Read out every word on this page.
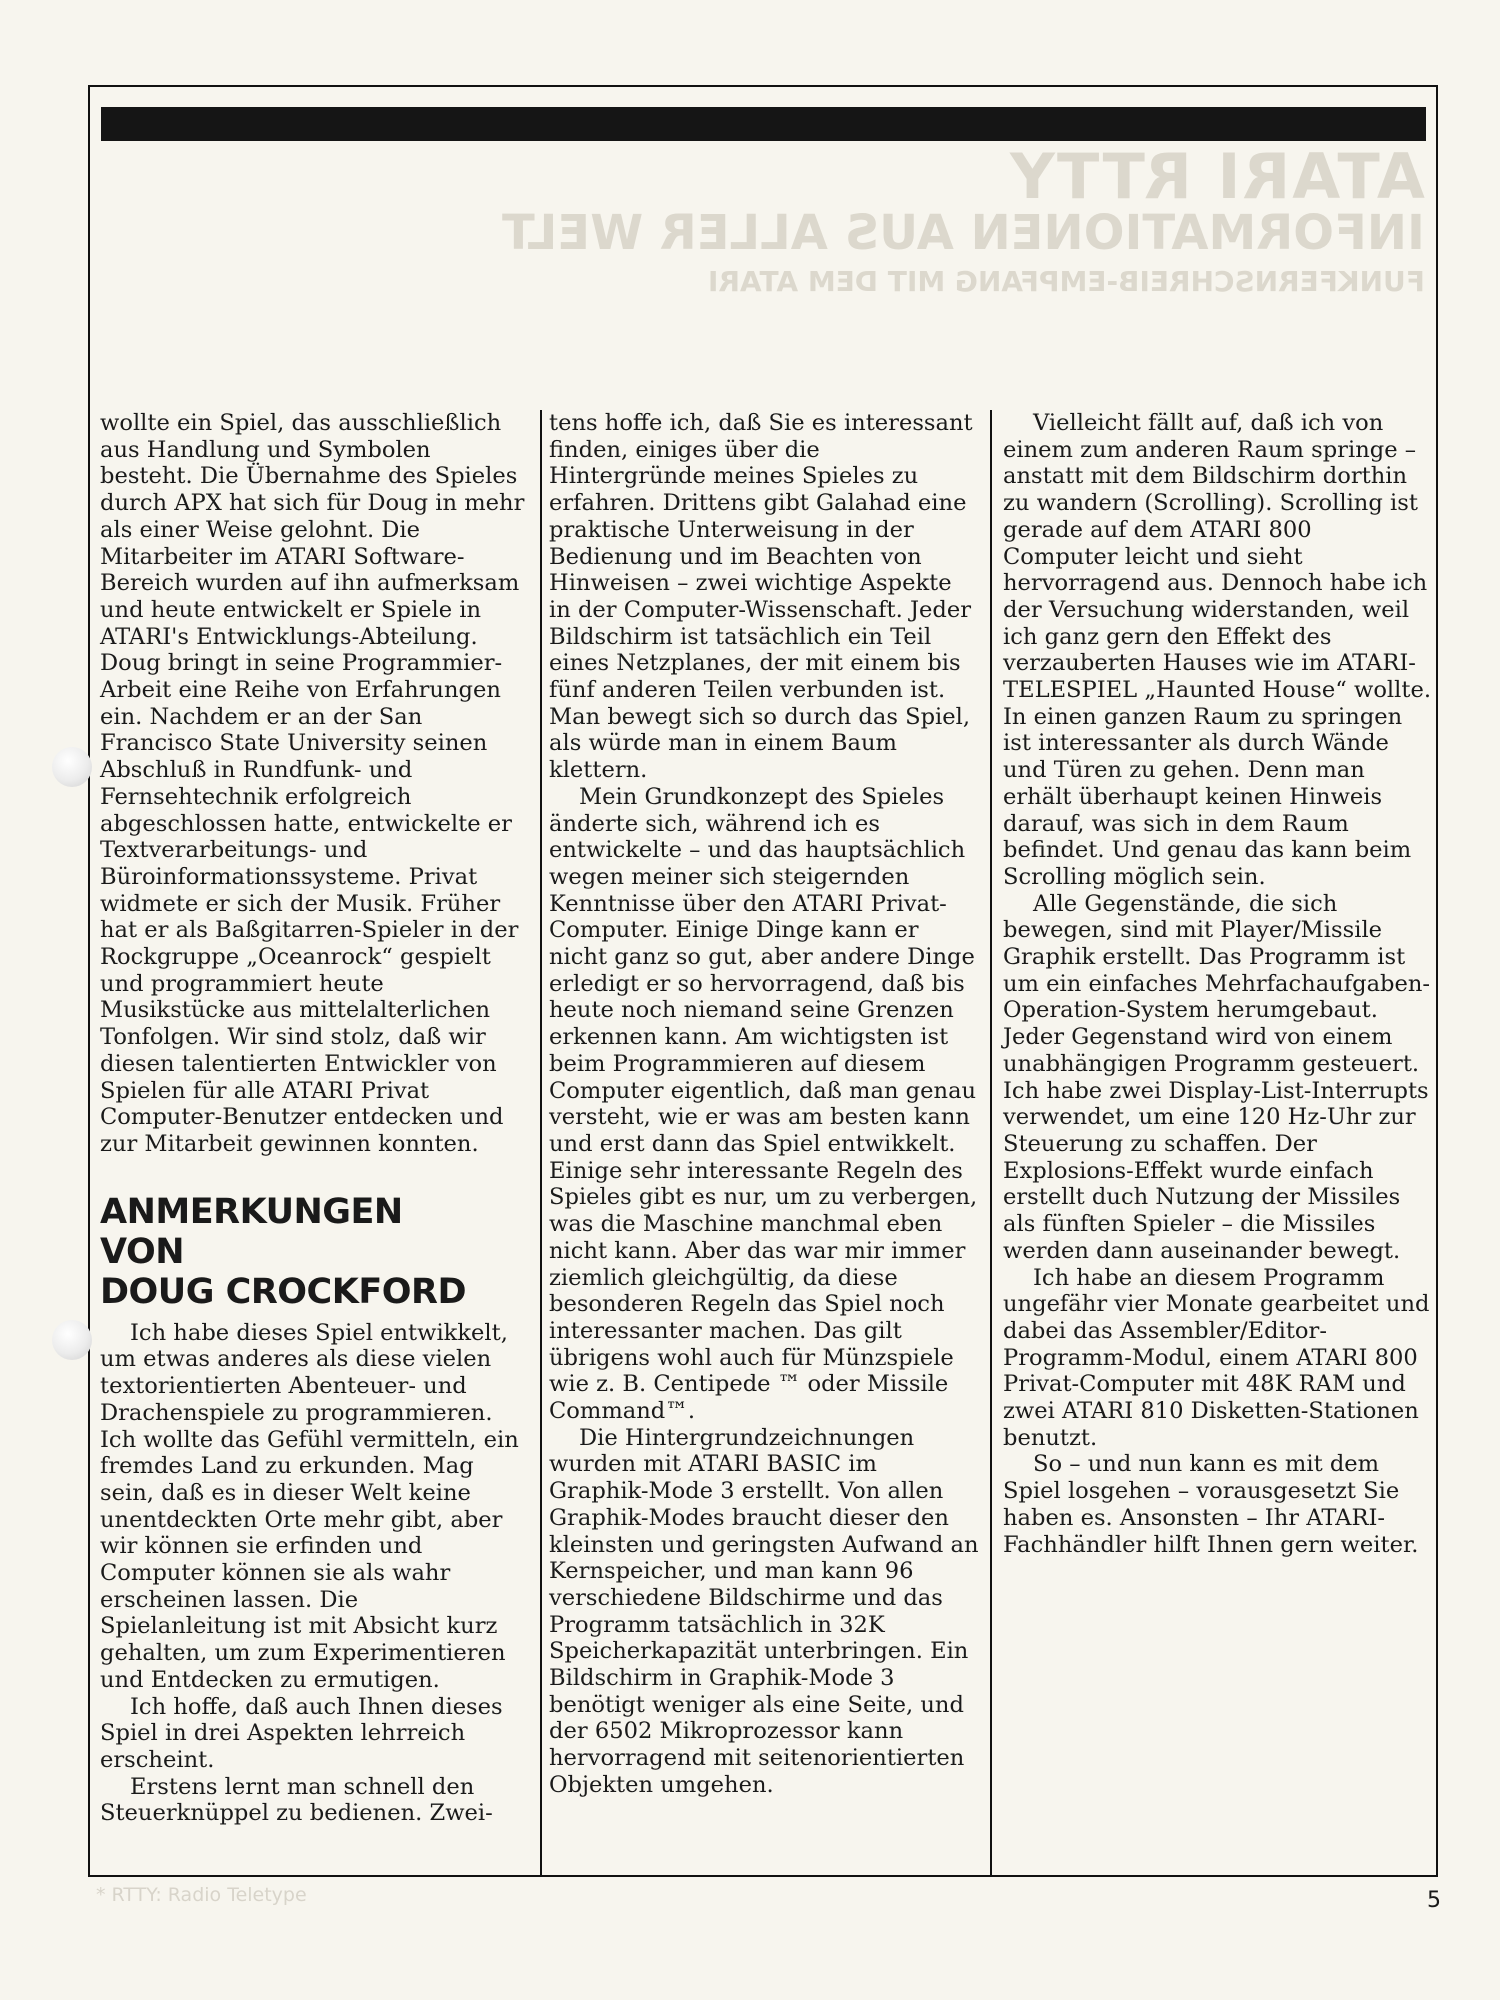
ATARI RTTY
INFORMATIONEN AUS ALLER WELT
FUNKFERNSCHREIB-EMPFANG MIT DEM ATARI

wollte ein Spiel, das ausschließlich aus Handlung und Symbolen besteht. Die Übernahme des Spieles durch APX hat sich für Doug in mehr als einer Weise gelohnt. Die Mitarbeiter im ATARI Software-Bereich wurden auf ihn aufmerksam und heute entwickelt er Spiele in ATARI's Entwicklungs-Abteilung. Doug bringt in seine Programmier-Arbeit eine Reihe von Erfahrungen ein. Nachdem er an der San Francisco State University seinen Abschluß in Rundfunk- und Fernsehtechnik erfolgreich abgeschlossen hatte, entwickelte er Textverarbeitungs- und Büroinformationssysteme. Privat widmete er sich der Musik. Früher hat er als Baßgitarren-Spieler in der Rockgruppe „Oceanrock“ gespielt und programmiert heute Musikstücke aus mittelalterlichen Tonfolgen. Wir sind stolz, daß wir diesen talentierten Entwickler von Spielen für alle ATARI Privat Computer-Benutzer entdecken und zur Mitarbeit gewinnen konnten.

ANMERKUNGEN
VON
DOUG CROCKFORD

Ich habe dieses Spiel entwikkelt, um etwas anderes als diese vielen textorientierten Abenteuer- und Drachenspiele zu programmieren. Ich wollte das Gefühl vermitteln, ein fremdes Land zu erkunden. Mag sein, daß es in dieser Welt keine unentdeckten Orte mehr gibt, aber wir können sie erfinden und Computer können sie als wahr erscheinen lassen. Die Spielanleitung ist mit Absicht kurz gehalten, um zum Experimentieren und Entdecken zu ermutigen.

Ich hoffe, daß auch Ihnen dieses Spiel in drei Aspekten lehrreich erscheint.

Erstens lernt man schnell den Steuerknüppel zu bedienen. Zwei-

tens hoffe ich, daß Sie es interessant finden, einiges über die Hintergründe meines Spieles zu erfahren. Drittens gibt Galahad eine praktische Unterweisung in der Bedienung und im Beachten von Hinweisen – zwei wichtige Aspekte in der Computer-Wissenschaft. Jeder Bildschirm ist tatsächlich ein Teil eines Netzplanes, der mit einem bis fünf anderen Teilen verbunden ist. Man bewegt sich so durch das Spiel, als würde man in einem Baum klettern.

Mein Grundkonzept des Spieles änderte sich, während ich es entwickelte – und das hauptsächlich wegen meiner sich steigernden Kenntnisse über den ATARI Privat-Computer. Einige Dinge kann er nicht ganz so gut, aber andere Dinge erledigt er so hervorragend, daß bis heute noch niemand seine Grenzen erkennen kann. Am wichtigsten ist beim Programmieren auf diesem Computer eigentlich, daß man genau versteht, wie er was am besten kann und erst dann das Spiel entwikkelt. Einige sehr interessante Regeln des Spieles gibt es nur, um zu verbergen, was die Maschine manchmal eben nicht kann. Aber das war mir immer ziemlich gleichgültig, da diese besonderen Regeln das Spiel noch interessanter machen. Das gilt übrigens wohl auch für Münzspiele wie z. B. Centipede ™ oder Missile Command™.

Die Hintergrundzeichnungen wurden mit ATARI BASIC im Graphik-Mode 3 erstellt. Von allen Graphik-Modes braucht dieser den kleinsten und geringsten Aufwand an Kernspeicher, und man kann 96 verschiedene Bildschirme und das Programm tatsächlich in 32K Speicherkapazität unterbringen. Ein Bildschirm in Graphik-Mode 3 benötigt weniger als eine Seite, und der 6502 Mikroprozessor kann hervorragend mit seitenorientierten Objekten umgehen.

Vielleicht fällt auf, daß ich von einem zum anderen Raum springe – anstatt mit dem Bildschirm dorthin zu wandern (Scrolling). Scrolling ist gerade auf dem ATARI 800 Computer leicht und sieht hervorragend aus. Dennoch habe ich der Versuchung widerstanden, weil ich ganz gern den Effekt des verzauberten Hauses wie im ATARI-TELESPIEL „Haunted House“ wollte. In einen ganzen Raum zu springen ist interessanter als durch Wände und Türen zu gehen. Denn man erhält überhaupt keinen Hinweis darauf, was sich in dem Raum befindet. Und genau das kann beim Scrolling möglich sein.

Alle Gegenstände, die sich bewegen, sind mit Player/Missile Graphik erstellt. Das Programm ist um ein einfaches Mehrfachaufgaben-Operation-System herumgebaut. Jeder Gegenstand wird von einem unabhängigen Programm gesteuert. Ich habe zwei Display-List-Interrupts verwendet, um eine 120 Hz-Uhr zur Steuerung zu schaffen. Der Explosions-Effekt wurde einfach erstellt duch Nutzung der Missiles als fünften Spieler – die Missiles werden dann auseinander bewegt.

Ich habe an diesem Programm ungefähr vier Monate gearbeitet und dabei das Assembler/Editor-Programm-Modul, einem ATARI 800 Privat-Computer mit 48K RAM und zwei ATARI 810 Disketten-Stationen benutzt.

So – und nun kann es mit dem Spiel losgehen – vorausgesetzt Sie haben es. Ansonsten – Ihr ATARI-Fachhändler hilft Ihnen gern weiter.

* RTTY: Radio Teletype	5
